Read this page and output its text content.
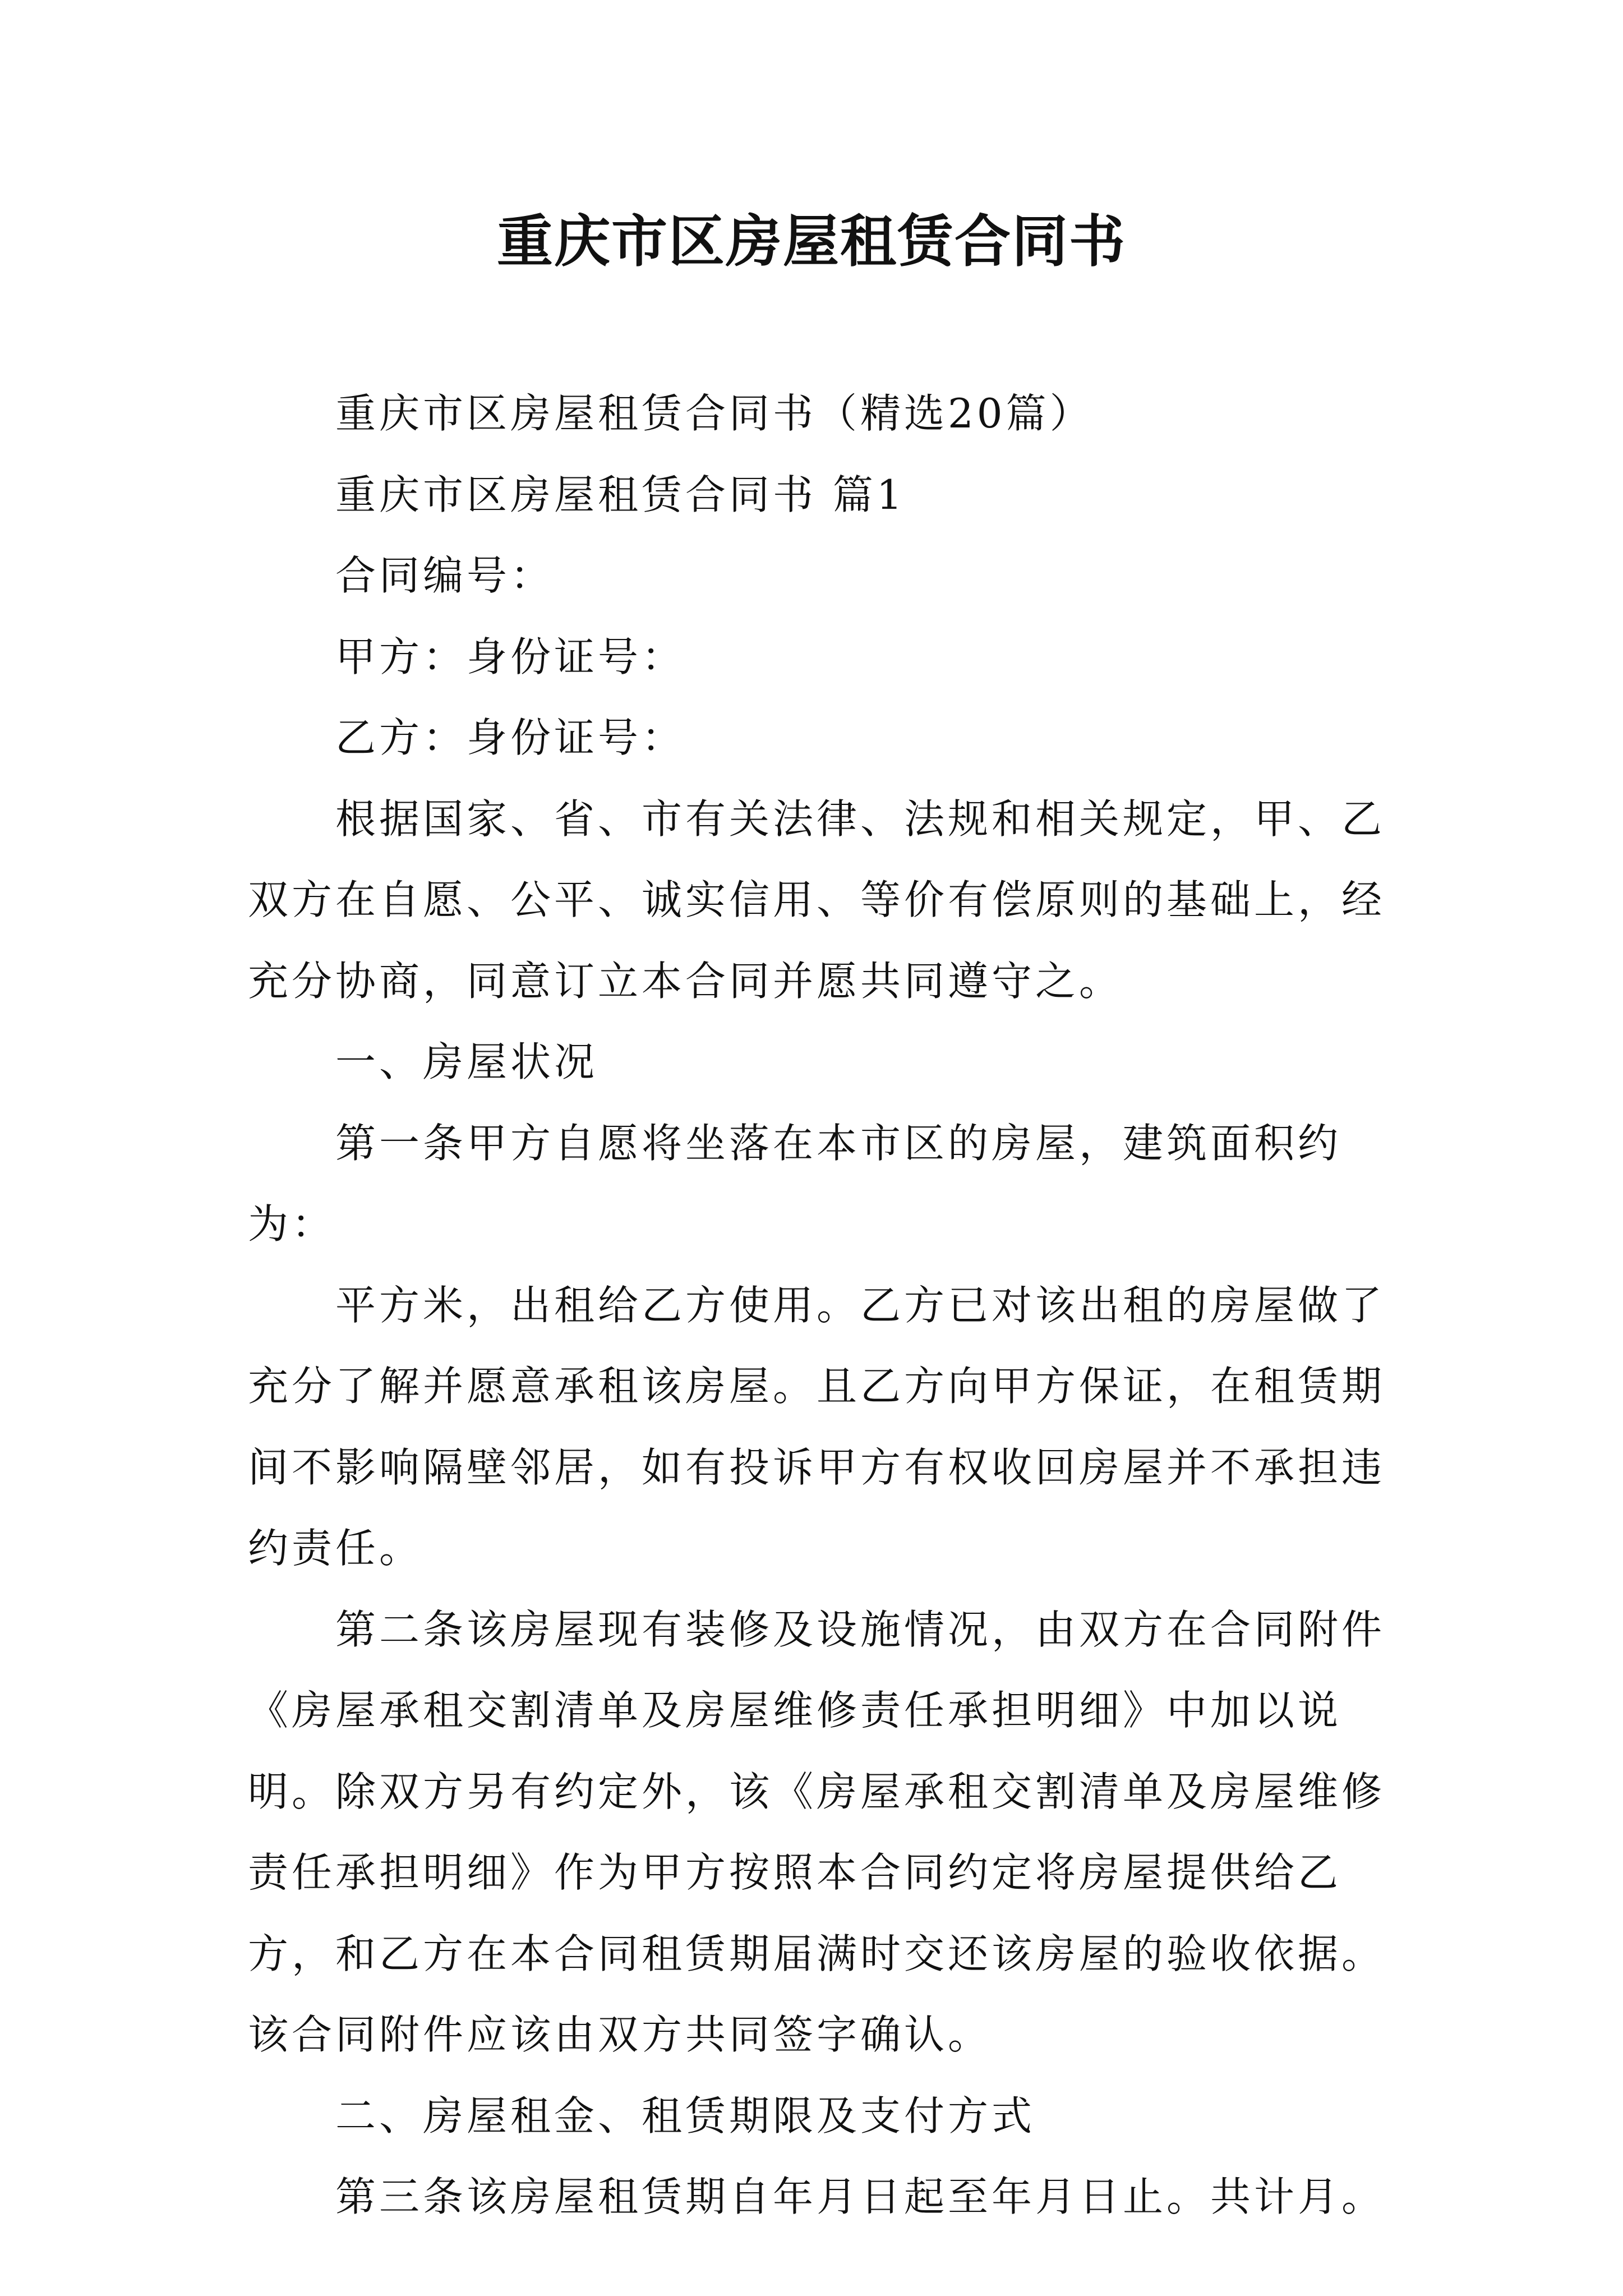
重庆市区房屋租赁合同书

重庆市区房屋租赁合同书（精选20篇）

重庆市区房屋租赁合同书 篇1

合同编号：

甲方：身份证号：

乙方：身份证号：

根据国家、省、市有关法律、法规和相关规定，甲、乙双方在自愿、公平、诚实信用、等价有偿原则的基础上，经充分协商，同意订立本合同并愿共同遵守之。

一、房屋状况

第一条甲方自愿将坐落在本市区的房屋，建筑面积约为：

平方米，出租给乙方使用。乙方已对该出租的房屋做了充分了解并愿意承租该房屋。且乙方向甲方保证，在租赁期间不影响隔壁邻居，如有投诉甲方有权收回房屋并不承担违约责任。

第二条该房屋现有装修及设施情况，由双方在合同附件《房屋承租交割清单及房屋维修责任承担明细》中加以说明。除双方另有约定外，该《房屋承租交割清单及房屋维修责任承担明细》作为甲方按照本合同约定将房屋提供给乙方，和乙方在本合同租赁期届满时交还该房屋的验收依据。该合同附件应该由双方共同签字确认。

二、房屋租金、租赁期限及支付方式

第三条该房屋租赁期自年月日起至年月日止。共计月。
